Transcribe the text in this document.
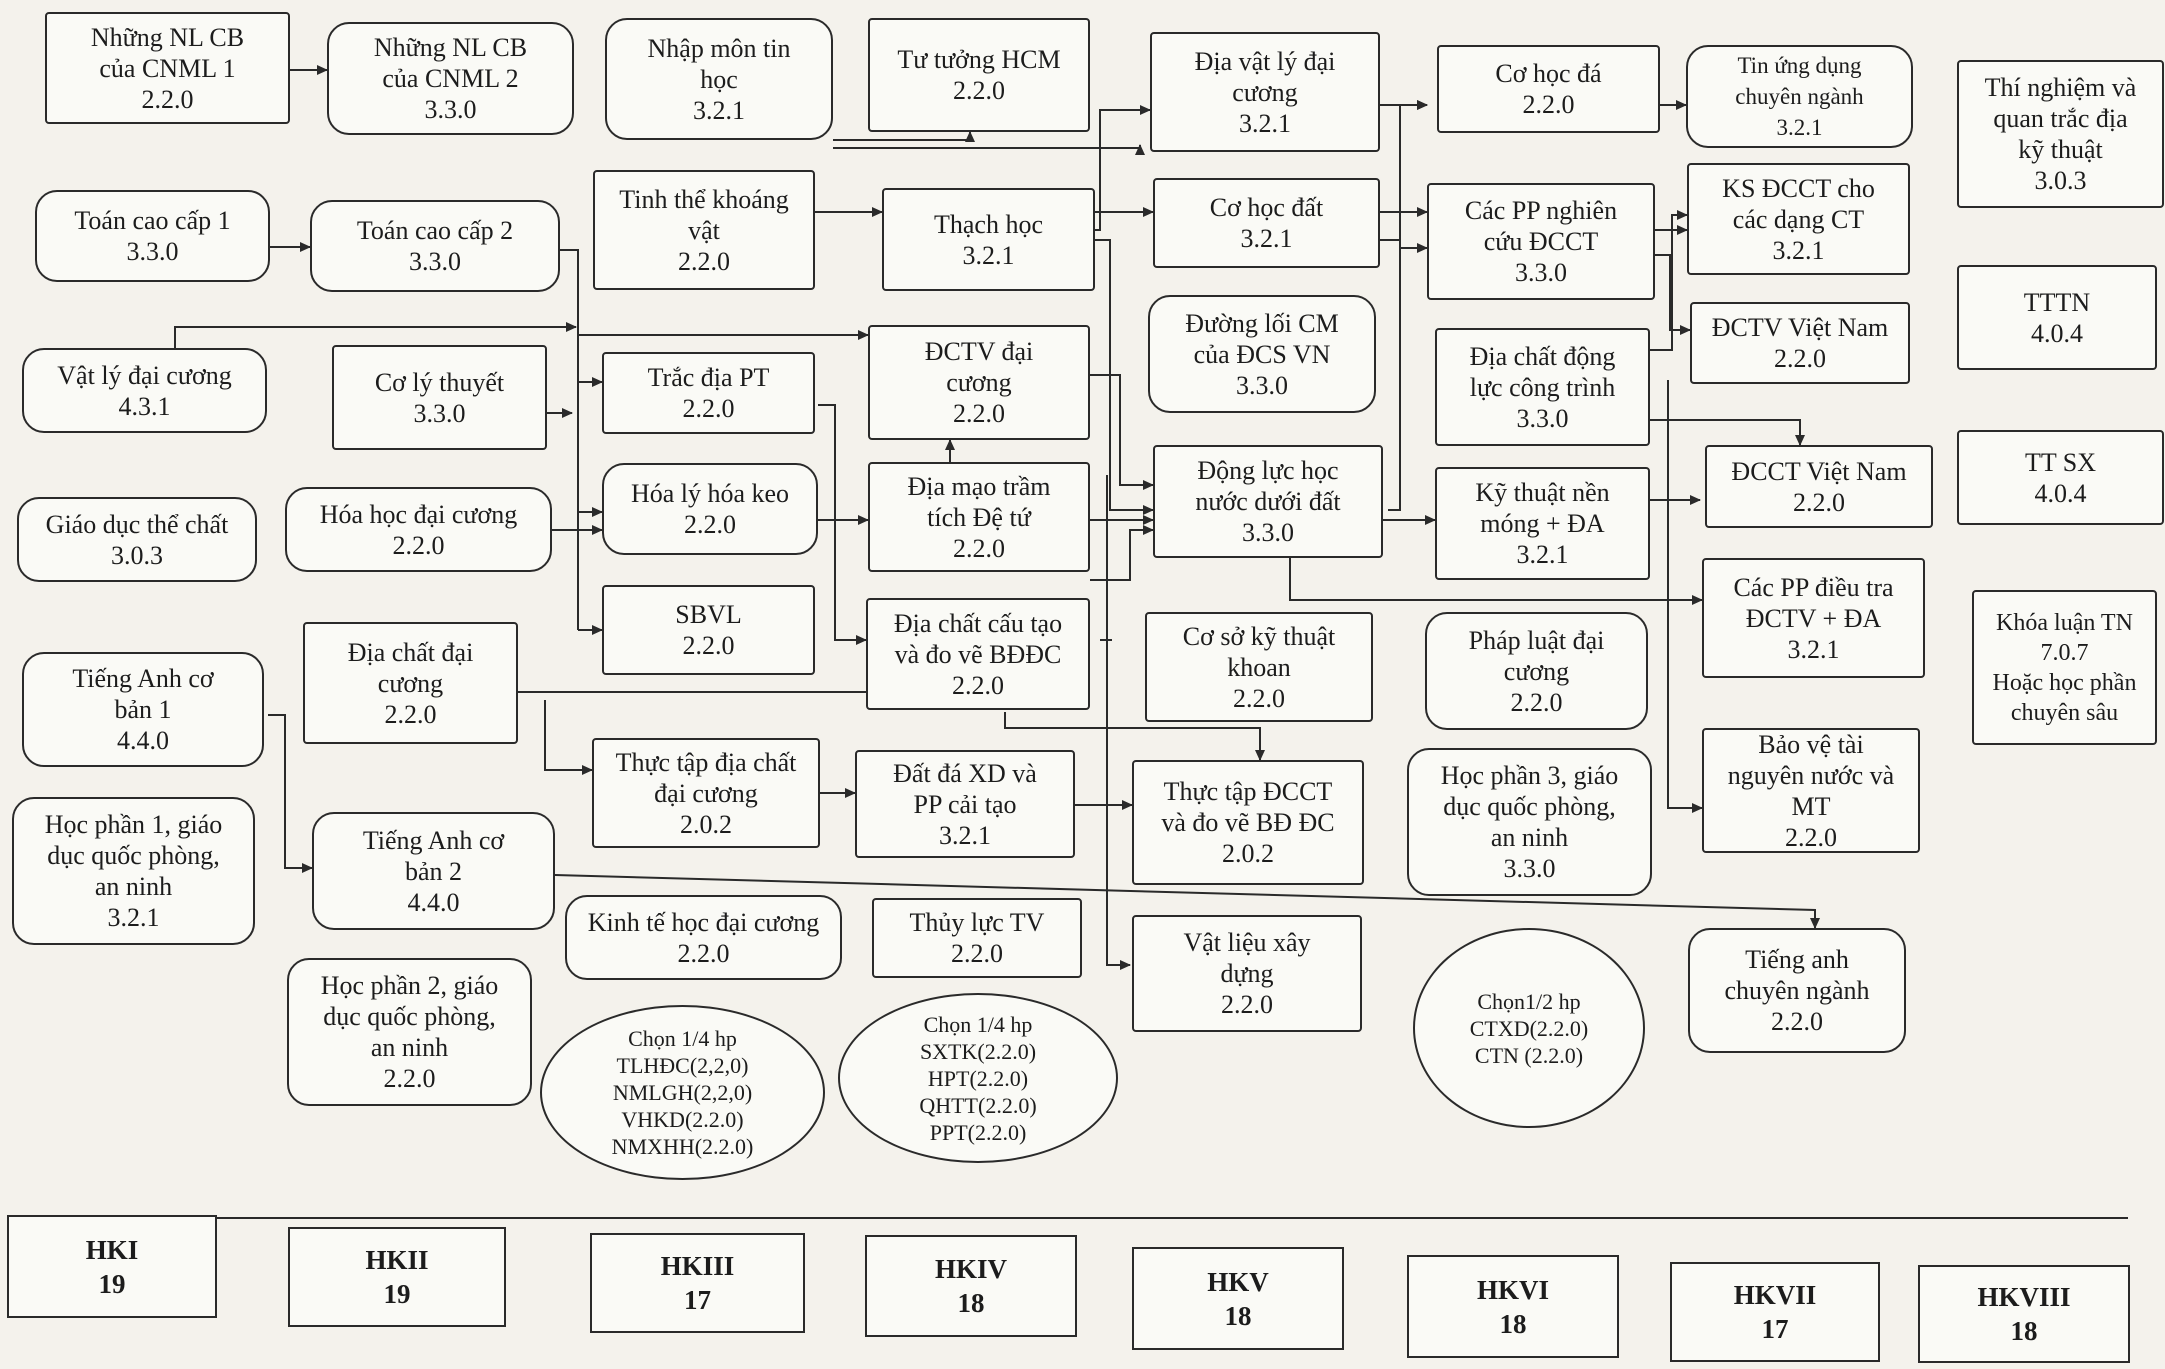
Những NL CB
của CNML 1
2.2.0
Những NL CB
của CNML 2
3.3.0
Nhập môn tin
học
3.2.1
Tư tưởng HCM
2.2.0
Địa vật lý đại
cương
3.2.1
Cơ học đá
2.2.0
Tin ứng dụng
chuyên ngành
3.2.1
Thí nghiệm và
quan trắc địa
kỹ thuật
3.0.3
Toán cao cấp 1
3.3.0
Toán cao cấp 2
3.3.0
Tinh thể khoáng
vật
2.2.0
Thạch học
3.2.1
Cơ học đất
3.2.1
Các PP nghiên
cứu ĐCCT
3.3.0
KS ĐCCT cho
các dạng CT
3.2.1
TTTN
4.0.4
Đường lối CM
của ĐCS VN
3.3.0
Địa chất động
lực công trình
3.3.0
ĐCTV Việt Nam
2.2.0
Vật lý đại cương
4.3.1
Cơ lý thuyết
3.3.0
Trắc địa PT
2.2.0
ĐCTV đại
cương
2.2.0
Động lực học
nước dưới đất
3.3.0
ĐCCT Việt Nam
2.2.0
TT SX
4.0.4
Giáo dục thể chất
3.0.3
Hóa học đại cương
2.2.0
Hóa lý hóa keo
2.2.0
Địa mạo trầm
tích Đệ tứ
2.2.0
Kỹ thuật nền
móng + ĐA
3.2.1
Các PP điều tra
ĐCTV + ĐA
3.2.1
Khóa luận TN
7.0.7
Hoặc học phần
chuyên sâu
SBVL
2.2.0
Địa chất cấu tạo
và đo vẽ BĐĐC
2.2.0
Cơ sở kỹ thuật
khoan
2.2.0
Pháp luật đại
cương
2.2.0
Tiếng Anh cơ
bản 1
4.4.0
Địa chất đại
cương
2.2.0
Thực tập địa chất
đại cương
2.0.2
Đất đá XD và
PP cải tạo
3.2.1
Thực tập ĐCCT
và đo vẽ BĐ ĐC
2.0.2
Học phần 3, giáo
dục quốc phòng,
an ninh
3.3.0
Bảo vệ tài
nguyên nước và
MT
2.2.0
Học phần 1, giáo
dục quốc phòng,
an ninh
3.2.1
Tiếng Anh cơ
bản 2
4.4.0
Kinh tế học đại cương
2.2.0
Thủy lực TV
2.2.0	Vật liệu xây
dựng
2.2.0
Tiếng anh
chuyên ngành
2.2.0
Học phần 2, giáo
dục quốc phòng,
an ninh
2.2.0
Chọn 1/4 hp
TLHĐC(2,2,0)
NMLGH(2,2,0)
VHKD(2.2.0)
NMXHH(2.2.0)
Chọn 1/4 hp
SXTK(2.2.0)
HPT(2.2.0)
QHTT(2.2.0)
PPT(2.2.0)
Chọn1/2 hp
CTXD(2.2.0)
CTN (2.2.0)
HKI
19
HKII
19
HKIII
17
HKIV
18
HKV
18
HKVI
18
HKVII
17
HKVIII
18
